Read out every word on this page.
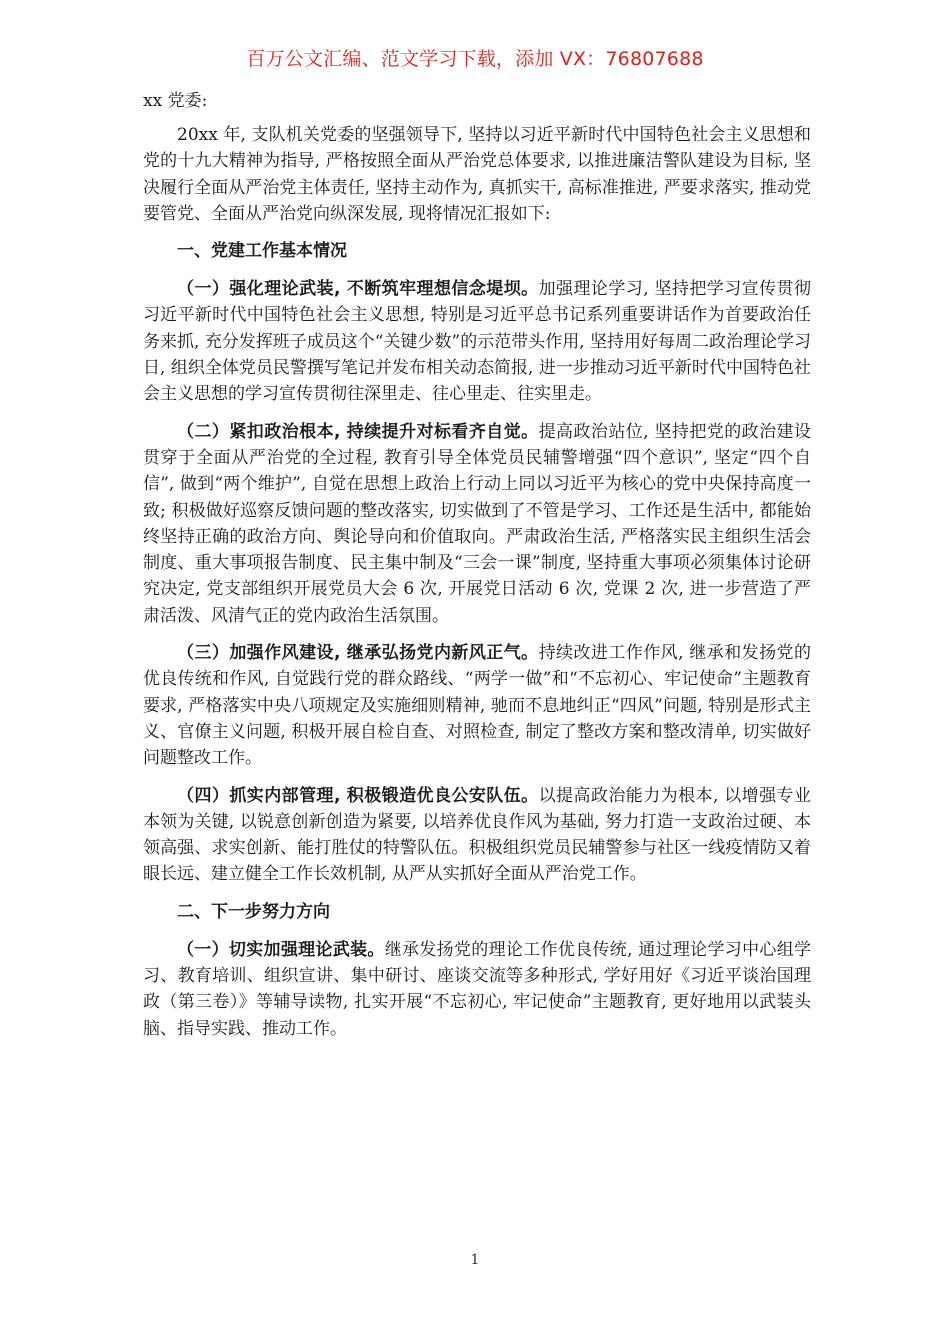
百万公文汇编、范文学习下载，添加 VX：76807688
xx 党委:

20xx 年, 支队机关党委的坚强领导下, 坚持以习近平新时代中国特色社会主义思想和党的十九大精神为指导, 严格按照全面从严治党总体要求, 以推进廉洁警队建设为目标, 坚决履行全面从严治党主体责任, 坚持主动作为, 真抓实干, 高标准推进, 严要求落实, 推动党要管党、全面从严治党向纵深发展, 现将情况汇报如下:

一、党建工作基本情况

（一）强化理论武装, 不断筑牢理想信念堤坝。加强理论学习, 坚持把学习宣传贯彻习近平新时代中国特色社会主义思想, 特别是习近平总书记系列重要讲话作为首要政治任务来抓, 充分发挥班子成员这个“关键少数”的示范带头作用, 坚持用好每周二政治理论学习日, 组织全体党员民警撰写笔记并发布相关动态简报, 进一步推动习近平新时代中国特色社会主义思想的学习宣传贯彻往深里走、往心里走、往实里走。

（二）紧扣政治根本, 持续提升对标看齐自觉。提高政治站位, 坚持把党的政治建设贯穿于全面从严治党的全过程, 教育引导全体党员民辅警增强“四个意识”, 坚定“四个自信”, 做到“两个维护”, 自觉在思想上政治上行动上同以习近平为核心的党中央保持高度一致; 积极做好巡察反馈问题的整改落实, 切实做到了不管是学习、工作还是生活中, 都能始终坚持正确的政治方向、舆论导向和价值取向。严肃政治生活, 严格落实民主组织生活会制度、重大事项报告制度、民主集中制及“三会一课”制度, 坚持重大事项必须集体讨论研究决定, 党支部组织开展党员大会 6 次, 开展党日活动 6 次, 党课 2 次, 进一步营造了严肃活泼、风清气正的党内政治生活氛围。

（三）加强作风建设, 继承弘扬党内新风正气。持续改进工作作风, 继承和发扬党的优良传统和作风, 自觉践行党的群众路线、“两学一做”和“不忘初心、牢记使命”主题教育要求, 严格落实中央八项规定及实施细则精神, 驰而不息地纠正“四风”问题, 特别是形式主义、官僚主义问题, 积极开展自检自查、对照检查, 制定了整改方案和整改清单, 切实做好问题整改工作。

（四）抓实内部管理, 积极锻造优良公安队伍。以提高政治能力为根本, 以增强专业本领为关键, 以锐意创新创造为紧要, 以培养优良作风为基础, 努力打造一支政治过硬、本领高强、求实创新、能打胜仗的特警队伍。积极组织党员民辅警参与社区一线疫情防又着眼长远、建立健全工作长效机制, 从严从实抓好全面从严治党工作。

二、下一步努力方向

（一）切实加强理论武装。继承发扬党的理论工作优良传统, 通过理论学习中心组学习、教育培训、组织宣讲、集中研讨、座谈交流等多种形式, 学好用好《习近平谈治国理政（第三卷）》等辅导读物, 扎实开展“不忘初心, 牢记使命”主题教育, 更好地用以武装头脑、指导实践、推动工作。

1
